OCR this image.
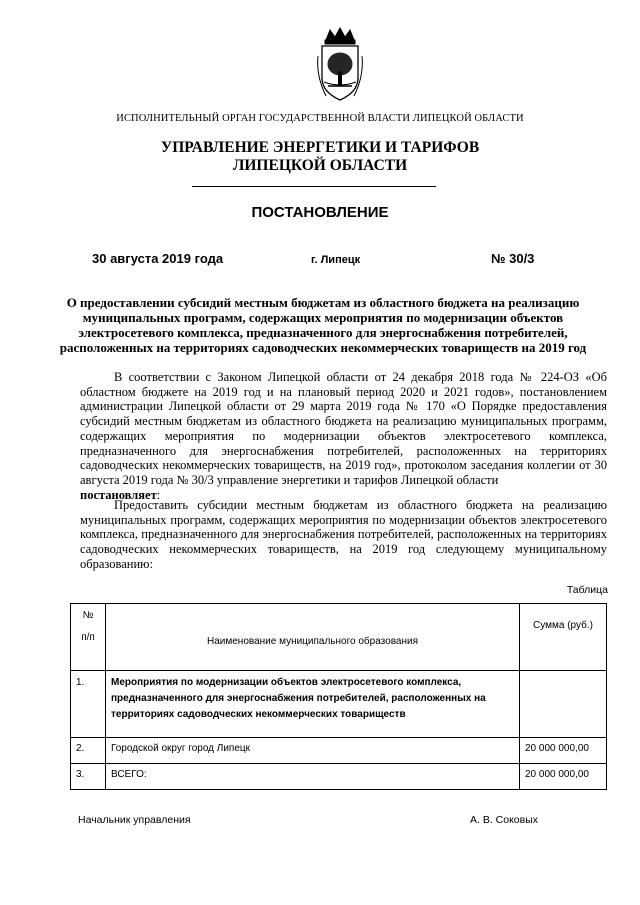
ИСПОЛНИТЕЛЬНЫЙ ОРГАН ГОСУДАРСТВЕННОЙ ВЛАСТИ ЛИПЕЦКОЙ ОБЛАСТИ
УПРАВЛЕНИЕ ЭНЕРГЕТИКИ И ТАРИФОВ
ЛИПЕЦКОЙ ОБЛАСТИ
ПОСТАНОВЛЕНИЕ
30 августа 2019 года	г. Липецк	№ 30/3
О предоставлении субсидий местным бюджетам из областного бюджета на реализацию
муниципальных программ, содержащих мероприятия по модернизации объектов
электросетевого комплекса, предназначенного для энергоснабжения потребителей,
расположенных на территориях садоводческих некоммерческих товариществ на 2019 год
В соответствии с Законом Липецкой области от 24 декабря 2018 года № 224-ОЗ «Об областном бюджете на 2019 год и на плановый период 2020 и 2021 годов», постановлением администрации Липецкой области от 29 марта 2019 года № 170 «О Порядке предоставления субсидий местным бюджетам из областного бюджета на реализацию муниципальных программ, содержащих мероприятия по модернизации объектов электросетевого комплекса, предназначенного для энергоснабжения потребителей, расположенных на территориях садоводческих некоммерческих товариществ, на 2019 год», протоколом заседания коллегии от 30 августа 2019 года № 30/3 управление энергетики и тарифов Липецкой области
постановляет:
Предоставить субсидии местным бюджетам из областного бюджета на реализацию муниципальных программ, содержащих мероприятия по модернизации объектов электросетевого комплекса, предназначенного для энергоснабжения потребителей, расположенных на территориях садоводческих некоммерческих товариществ, на 2019 год следующему муниципальному образованию:
Таблица
№
п/п	Наименование муниципального образования	Сумма (руб.)
1.	Мероприятия по модернизации объектов электросетевого комплекса,
предназначенного для энергоснабжения потребителей, расположенных на
территориях садоводческих некоммерческих товариществ	

2.	Городской округ город Липецк	20 000 000,00
3.	ВСЕГО:	20 000 000,00
Начальник управления	А. В. Соковых
